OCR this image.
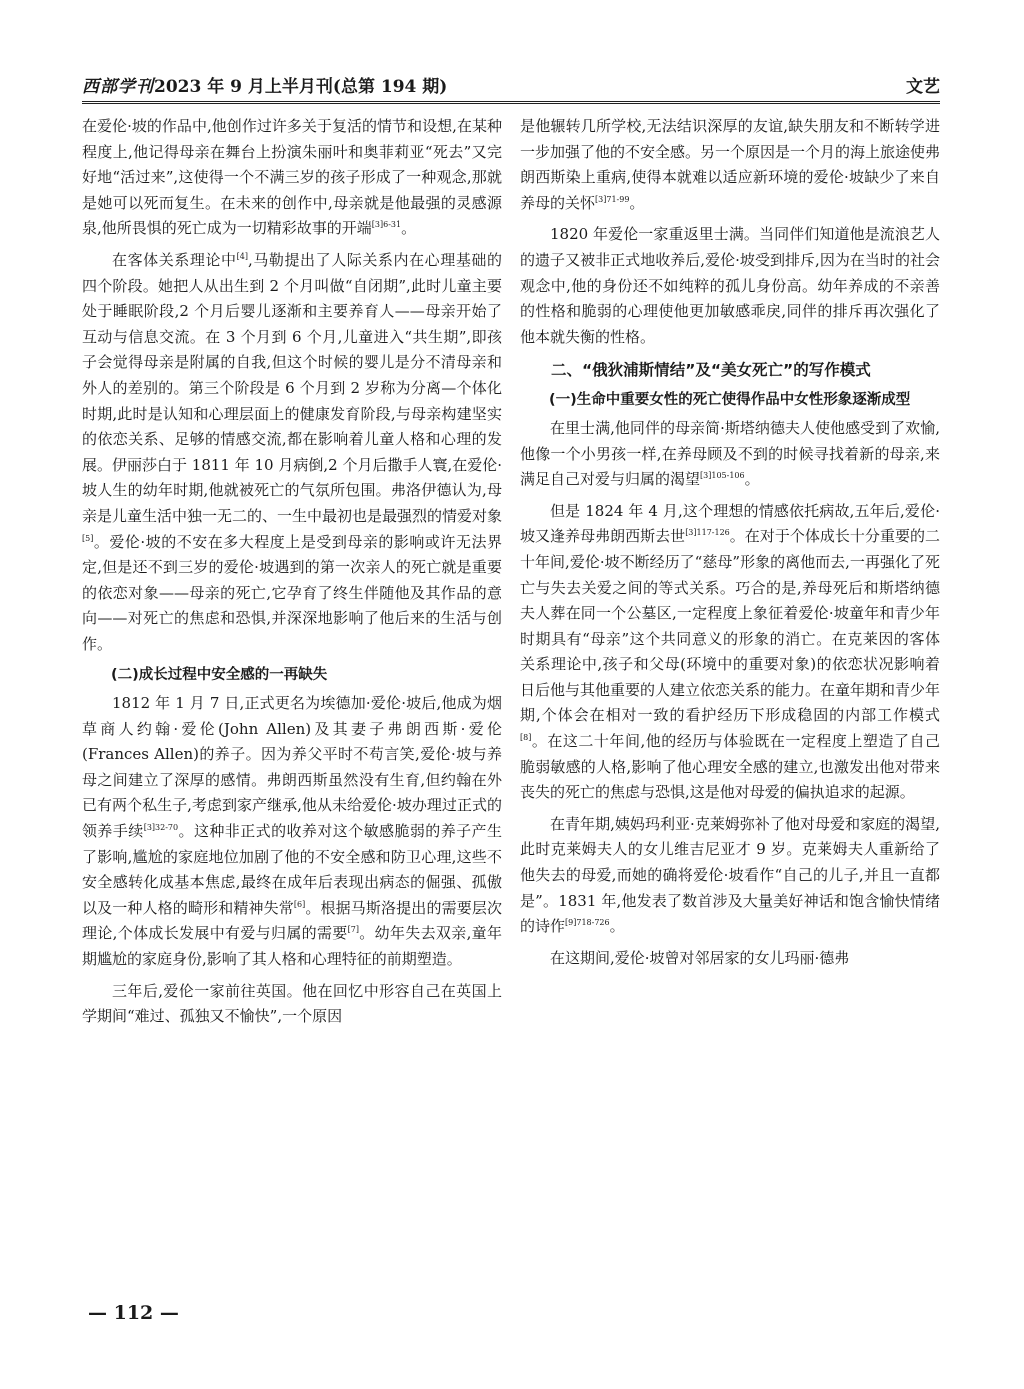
西部学刊2023 年 9 月上半月刊(总第 194 期)	文艺

在爱伦·坡的作品中,他创作过许多关于复活的情节和设想,在某种程度上,他记得母亲在舞台上扮演朱丽叶和奥菲莉亚“死去”又完好地“活过来”,这使得一个不满三岁的孩子形成了一种观念,那就是她可以死而复生。在未来的创作中,母亲就是他最强的灵感源泉,他所畏惧的死亡成为一切精彩故事的开端$^{[3]6-31}$。

在客体关系理论中[4],马勒提出了人际关系内在心理基础的四个阶段。她把人从出生到 2 个月叫做“自闭期”,此时儿童主要处于睡眠阶段,2 个月后婴儿逐渐和主要养育人——母亲开始了互动与信息交流。在 3 个月到 6 个月,儿童进入“共生期”,即孩子会觉得母亲是附属的自我,但这个时候的婴儿是分不清母亲和外人的差别的。第三个阶段是 6 个月到 2 岁称为分离—个体化时期,此时是认知和心理层面上的健康发育阶段,与母亲构建坚实的依恋关系、足够的情感交流,都在影响着儿童人格和心理的发展。伊丽莎白于 1811 年 10 月病倒,2 个月后撒手人寰,在爱伦·坡人生的幼年时期,他就被死亡的气氛所包围。弗洛伊德认为,母亲是儿童生活中独一无二的、一生中最初也是最强烈的情爱对象[5]。爱伦·坡的不安在多大程度上是受到母亲的影响或许无法界定,但是还不到三岁的爱伦·坡遇到的第一次亲人的死亡就是重要的依恋对象——母亲的死亡,它孕育了终生伴随他及其作品的意向——对死亡的焦虑和恐惧,并深深地影响了他后来的生活与创作。

(二)成长过程中安全感的一再缺失

1812 年 1 月 7 日,正式更名为埃德加·爱伦·坡后,他成为烟草商人约翰·爱伦(John Allen)及其妻子弗朗西斯·爱伦(Frances Allen)的养子。因为养父平时不苟言笑,爱伦·坡与养母之间建立了深厚的感情。弗朗西斯虽然没有生育,但约翰在外已有两个私生子,考虑到家产继承,他从未给爱伦·坡办理过正式的领养手续$^{[3]32-70}$。这种非正式的收养对这个敏感脆弱的养子产生了影响,尴尬的家庭地位加剧了他的不安全感和防卫心理,这些不安全感转化成基本焦虑,最终在成年后表现出病态的倔强、孤傲以及一种人格的畸形和精神失常[6]。根据马斯洛提出的需要层次理论,个体成长发展中有爱与归属的需要[7]。幼年失去双亲,童年期尴尬的家庭身份,影响了其人格和心理特征的前期塑造。

三年后,爱伦一家前往英国。他在回忆中形容自己在英国上学期间“难过、孤独又不愉快”,一个原因

是他辗转几所学校,无法结识深厚的友谊,缺失朋友和不断转学进一步加强了他的不安全感。另一个原因是一个月的海上旅途使弗朗西斯染上重病,使得本就难以适应新环境的爱伦·坡缺少了来自养母的关怀$^{[3]71-99}$。

1820 年爱伦一家重返里士满。当同伴们知道他是流浪艺人的遗子又被非正式地收养后,爱伦·坡受到排斥,因为在当时的社会观念中,他的身份还不如纯粹的孤儿身份高。幼年养成的不亲善的性格和脆弱的心理使他更加敏感乖戾,同伴的排斥再次强化了他本就失衡的性格。

二、“俄狄浦斯情结”及“美女死亡”的写作模式
(一)生命中重要女性的死亡使得作品中女性形象逐渐成型

在里士满,他同伴的母亲简·斯塔纳德夫人使他感受到了欢愉,他像一个小男孩一样,在养母顾及不到的时候寻找着新的母亲,来满足自己对爱与归属的渴望$^{[3]105-106}$。

但是 1824 年 4 月,这个理想的情感依托病故,五年后,爱伦·坡又逢养母弗朗西斯去世$^{[3]117-126}$。在对于个体成长十分重要的二十年间,爱伦·坡不断经历了“慈母”形象的离他而去,一再强化了死亡与失去关爱之间的等式关系。巧合的是,养母死后和斯塔纳德夫人葬在同一个公墓区,一定程度上象征着爱伦·坡童年和青少年时期具有“母亲”这个共同意义的形象的消亡。在克莱因的客体关系理论中,孩子和父母(环境中的重要对象)的依恋状况影响着日后他与其他重要的人建立依恋关系的能力。在童年期和青少年期,个体会在相对一致的看护经历下形成稳固的内部工作模式[8]。在这二十年间,他的经历与体验既在一定程度上塑造了自己脆弱敏感的人格,影响了他心理安全感的建立,也激发出他对带来丧失的死亡的焦虑与恐惧,这是他对母爱的偏执追求的起源。

在青年期,姨妈玛利亚·克莱姆弥补了他对母爱和家庭的渴望,此时克莱姆夫人的女儿维吉尼亚才 9 岁。克莱姆夫人重新给了他失去的母爱,而她的确将爱伦·坡看作“自己的儿子,并且一直都是”。1831 年,他发表了数首涉及大量美好神话和饱含愉快情绪的诗作$^{[9]718-726}$。

在这期间,爱伦·坡曾对邻居家的女儿玛丽·德弗

— 112 —
